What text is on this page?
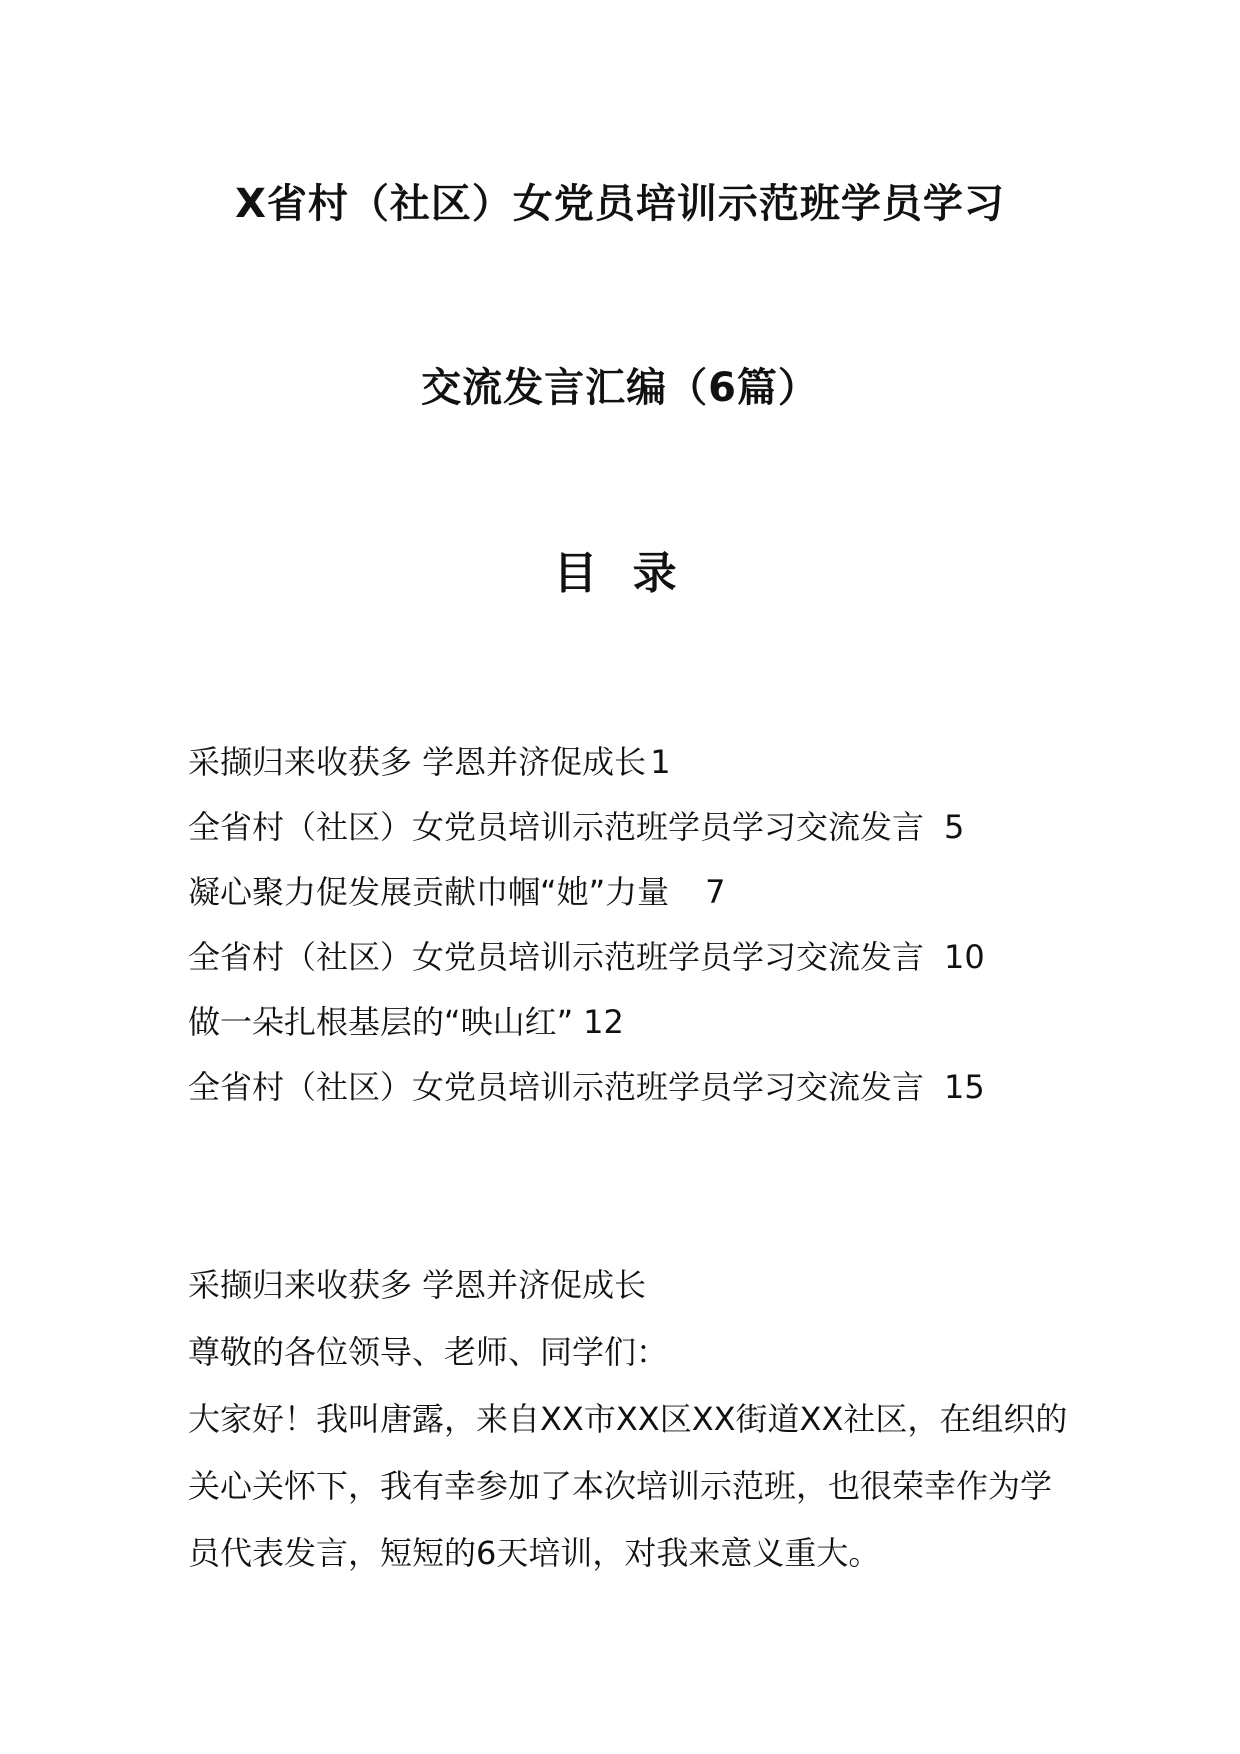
X省村（社区）女党员培训示范班学员学习
交流发言汇编（6篇）
目 录
采撷归来收获多 学恩并济促成长 1
全省村（社区）女党员培训示范班学员学习交流发言 5
凝心聚力促发展贡献巾帼“她”力量 7
全省村（社区）女党员培训示范班学员学习交流发言 10
做一朵扎根基层的“映山红” 12
全省村（社区）女党员培训示范班学员学习交流发言 15

采撷归来收获多 学恩并济促成长

尊敬的各位领导、老师、同学们：

大家好！我叫唐露，来自XX市XX区XX街道XX社区，在组织的关心关怀下，我有幸参加了本次培训示范班，也很荣幸作为学员代表发言，短短的6天培训，对我来意义重大。
